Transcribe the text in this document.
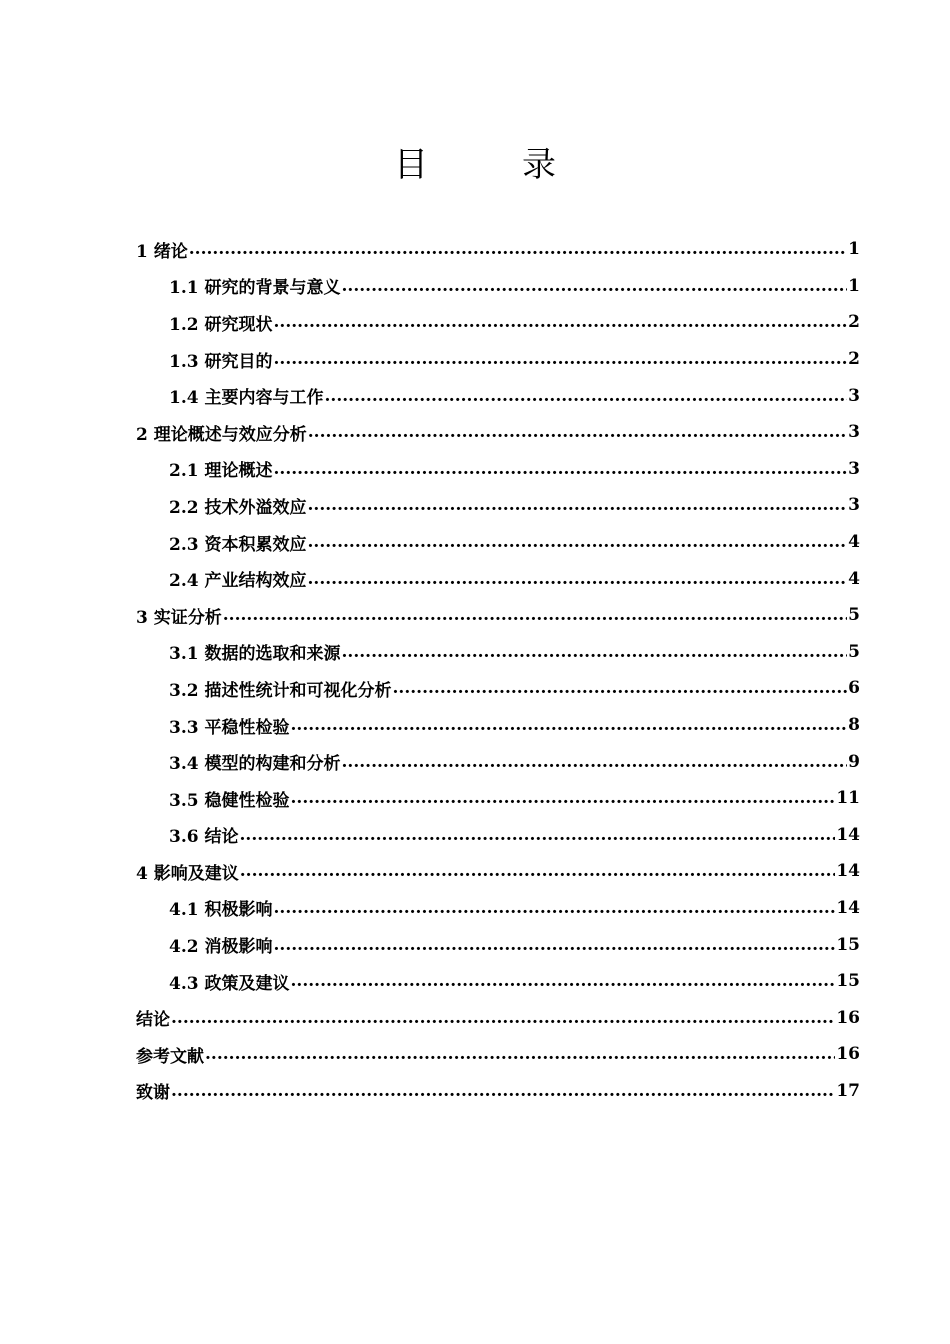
目　录
1 绪论 .....	1
1.1 研究的背景与意义 .....	1
1.2 研究现状 .....	2
1.3 研究目的 .....	2
1.4 主要内容与工作 .....	3
2 理论概述与效应分析 .....	3
2.1 理论概述 .....	3
2.2 技术外溢效应 .....	3
2.3 资本积累效应 .....	4
2.4 产业结构效应 .....	4
3 实证分析 .....	5
3.1 数据的选取和来源 .....	5
3.2 描述性统计和可视化分析 .....	6
3.3 平稳性检验 .....	8
3.4 模型的构建和分析 .....	9
3.5 稳健性检验 .....	11
3.6 结论 .....	14
4 影响及建议 .....	14
4.1 积极影响 .....	14
4.2 消极影响 .....	15
4.3 政策及建议 .....	15
结论 .....	16
参考文献 .....	16
致谢 .....	17
